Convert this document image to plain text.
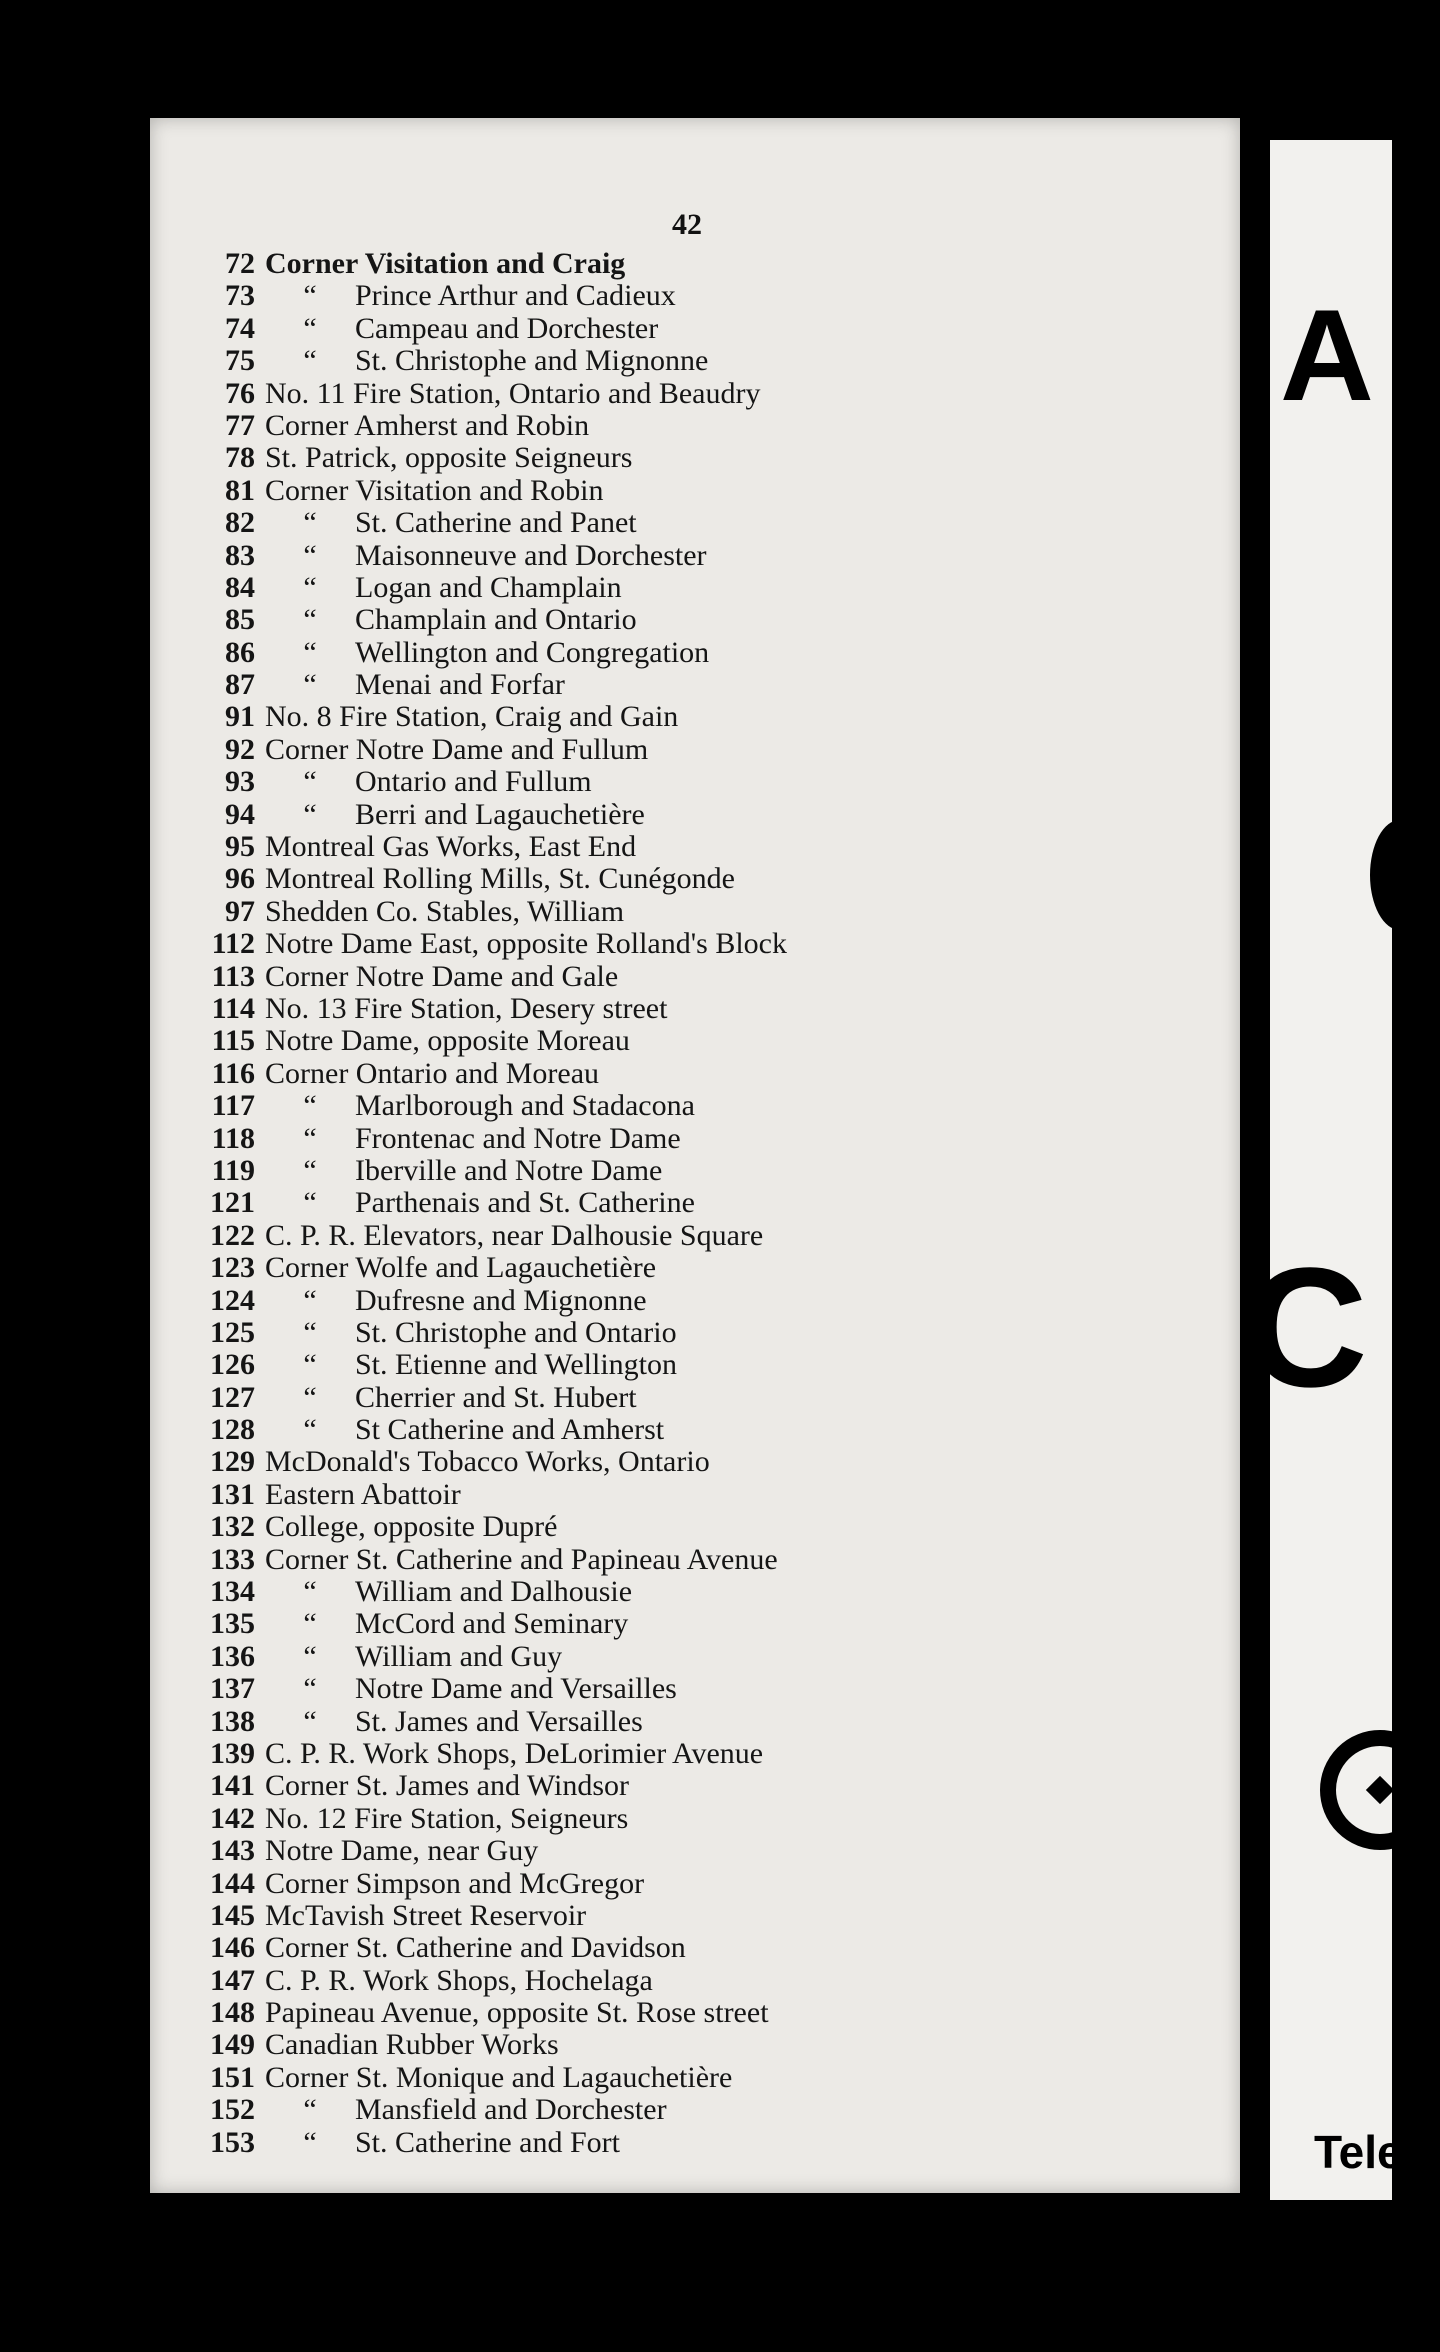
A
C
Telep
42
72 Corner Visitation and Craig
73 “ Prince Arthur and Cadieux
74 “ Campeau and Dorchester
75 “ St. Christophe and Mignonne
76 No. 11 Fire Station, Ontario and Beaudry
77 Corner Amherst and Robin
78 St. Patrick, opposite Seigneurs
81 Corner Visitation and Robin
82 “ St. Catherine and Panet
83 “ Maisonneuve and Dorchester
84 “ Logan and Champlain
85 “ Champlain and Ontario
86 “ Wellington and Congregation
87 “ Menai and Forfar
91 No. 8 Fire Station, Craig and Gain
92 Corner Notre Dame and Fullum
93 “ Ontario and Fullum
94 “ Berri and Lagauchetière
95 Montreal Gas Works, East End
96 Montreal Rolling Mills, St. Cunégonde
97 Shedden Co. Stables, William
112 Notre Dame East, opposite Rolland's Block
113 Corner Notre Dame and Gale
114 No. 13 Fire Station, Desery street
115 Notre Dame, opposite Moreau
116 Corner Ontario and Moreau
117 “ Marlborough and Stadacona
118 “ Frontenac and Notre Dame
119 “ Iberville and Notre Dame
121 “ Parthenais and St. Catherine
122 C. P. R. Elevators, near Dalhousie Square
123 Corner Wolfe and Lagauchetière
124 “ Dufresne and Mignonne
125 “ St. Christophe and Ontario
126 “ St. Etienne and Wellington
127 “ Cherrier and St. Hubert
128 “ St Catherine and Amherst
129 McDonald's Tobacco Works, Ontario
131 Eastern Abattoir
132 College, opposite Dupré
133 Corner St. Catherine and Papineau Avenue
134 “ William and Dalhousie
135 “ McCord and Seminary
136 “ William and Guy
137 “ Notre Dame and Versailles
138 “ St. James and Versailles
139 C. P. R. Work Shops, DeLorimier Avenue
141 Corner St. James and Windsor
142 No. 12 Fire Station, Seigneurs
143 Notre Dame, near Guy
144 Corner Simpson and McGregor
145 McTavish Street Reservoir
146 Corner St. Catherine and Davidson
147 C. P. R. Work Shops, Hochelaga
148 Papineau Avenue, opposite St. Rose street
149 Canadian Rubber Works
151 Corner St. Monique and Lagauchetière
152 “ Mansfield and Dorchester
153 “ St. Catherine and Fort
